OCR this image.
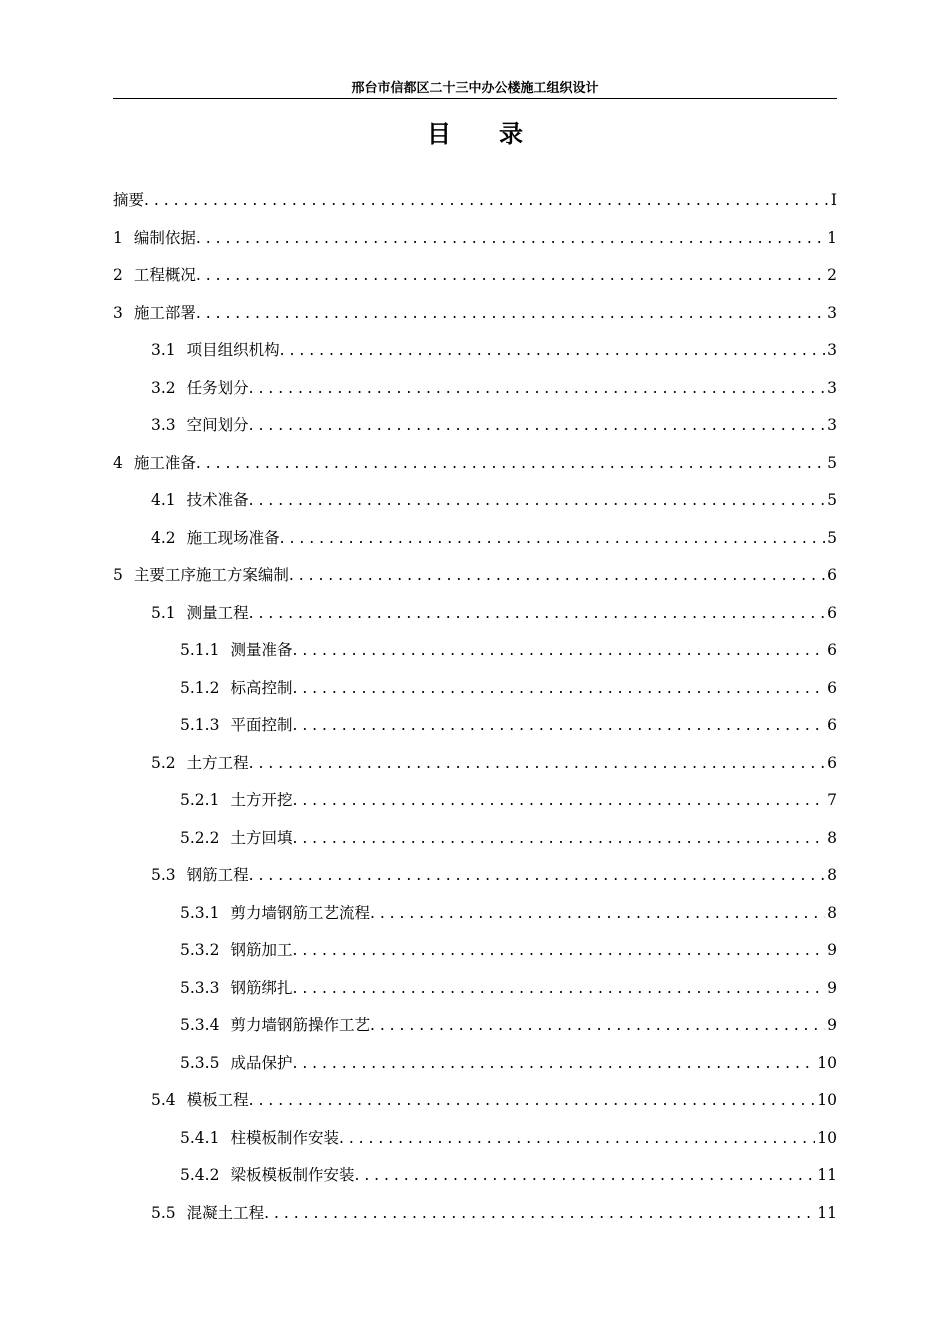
邢台市信都区二十三中办公楼施工组织设计
目录
摘要 . . .	I
1 编制依据 . . .	1
2 工程概况 . . .	2
3 施工部署 . . .	3
3.1 项目组织机构 . . .	3
3.2 任务划分 . . .	3
3.3 空间划分 . . .	3
4 施工准备 . . .	5
4.1 技术准备 . . .	5
4.2 施工现场准备 . . .	5
5 主要工序施工方案编制 . . .	6
5.1 测量工程 . . .	6
5.1.1 测量准备 . . .	6
5.1.2 标高控制 . . .	6
5.1.3 平面控制 . . .	6
5.2 土方工程 . . .	6
5.2.1 土方开挖 . . .	7
5.2.2 土方回填 . . .	8
5.3 钢筋工程 . . .	8
5.3.1 剪力墙钢筋工艺流程 . . .	8
5.3.2 钢筋加工 . . .	9
5.3.3 钢筋绑扎 . . .	9
5.3.4 剪力墙钢筋操作工艺 . . .	9
5.3.5 成品保护 . . .	10
5.4 模板工程 . . .	10
5.4.1 柱模板制作安装 . . .	10
5.4.2 梁板模板制作安装 . . .	11
5.5 混凝土工程 . . .	11
